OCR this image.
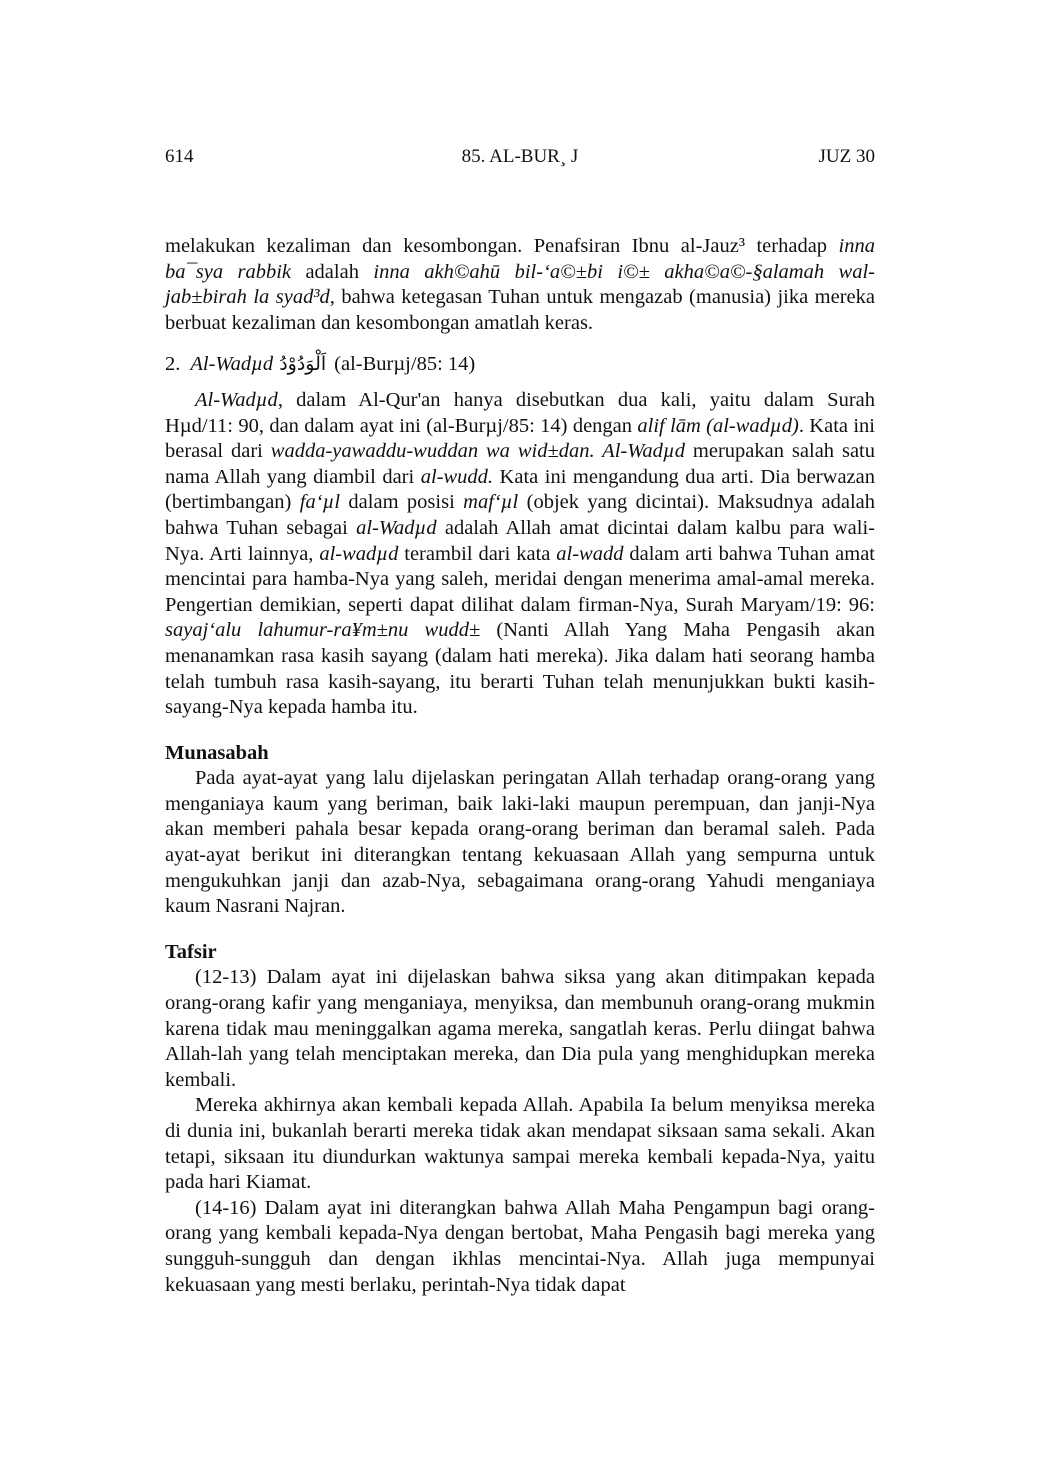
614	85. AL-BUR¸ J	JUZ 30

melakukan kezaliman dan kesombongan. Penafsiran Ibnu al-Jauz³ terhadap inna ba¯sya rabbik adalah inna akh©ahū bil-‘a©±bi i©± akha©a©-§alamah wal-jab±birah la syad³d, bahwa ketegasan Tuhan untuk mengazab (manusia) jika mereka berbuat kezaliman dan kesombongan amatlah keras.

2. Al-Wadµd اَلْوَدُوْدُ (al-Burµj/85: 14)

Al-Wadµd, dalam Al-Qur'an hanya disebutkan dua kali, yaitu dalam Surah Hµd/11: 90, dan dalam ayat ini (al-Burµj/85: 14) dengan alif lām (al-wadµd). Kata ini berasal dari wadda-yawaddu-wuddan wa wid±dan. Al-Wadµd merupakan salah satu nama Allah yang diambil dari al-wudd. Kata ini mengandung dua arti. Dia berwazan (bertimbangan) fa‘µl dalam posisi maf‘µl (objek yang dicintai). Maksudnya adalah bahwa Tuhan sebagai al-Wadµd adalah Allah amat dicintai dalam kalbu para wali-Nya. Arti lainnya, al-wadµd terambil dari kata al-wadd dalam arti bahwa Tuhan amat mencintai para hamba-Nya yang saleh, meridai dengan menerima amal-amal mereka. Pengertian demikian, seperti dapat dilihat dalam firman-Nya, Surah Maryam/19: 96: sayaj‘alu lahumur-ra¥m±nu wudd± (Nanti Allah Yang Maha Pengasih akan menanamkan rasa kasih sayang (dalam hati mereka). Jika dalam hati seorang hamba telah tumbuh rasa kasih-sayang, itu berarti Tuhan telah menunjukkan bukti kasih-sayang-Nya kepada hamba itu.

Munasabah

Pada ayat-ayat yang lalu dijelaskan peringatan Allah terhadap orang-orang yang menganiaya kaum yang beriman, baik laki-laki maupun perempuan, dan janji-Nya akan memberi pahala besar kepada orang-orang beriman dan beramal saleh. Pada ayat-ayat berikut ini diterangkan tentang kekuasaan Allah yang sempurna untuk mengukuhkan janji dan azab-Nya, sebagaimana orang-orang Yahudi menganiaya kaum Nasrani Najran.

Tafsir

(12-13) Dalam ayat ini dijelaskan bahwa siksa yang akan ditimpakan kepada orang-orang kafir yang menganiaya, menyiksa, dan membunuh orang-orang mukmin karena tidak mau meninggalkan agama mereka, sangatlah keras. Perlu diingat bahwa Allah-lah yang telah menciptakan mereka, dan Dia pula yang menghidupkan mereka kembali.

Mereka akhirnya akan kembali kepada Allah. Apabila Ia belum menyiksa mereka di dunia ini, bukanlah berarti mereka tidak akan mendapat siksaan sama sekali. Akan tetapi, siksaan itu diundurkan waktunya sampai mereka kembali kepada-Nya, yaitu pada hari Kiamat.

(14-16) Dalam ayat ini diterangkan bahwa Allah Maha Pengampun bagi orang-orang yang kembali kepada-Nya dengan bertobat, Maha Pengasih bagi mereka yang sungguh-sungguh dan dengan ikhlas mencintai-Nya. Allah juga mempunyai kekuasaan yang mesti berlaku, perintah-Nya tidak dapat
